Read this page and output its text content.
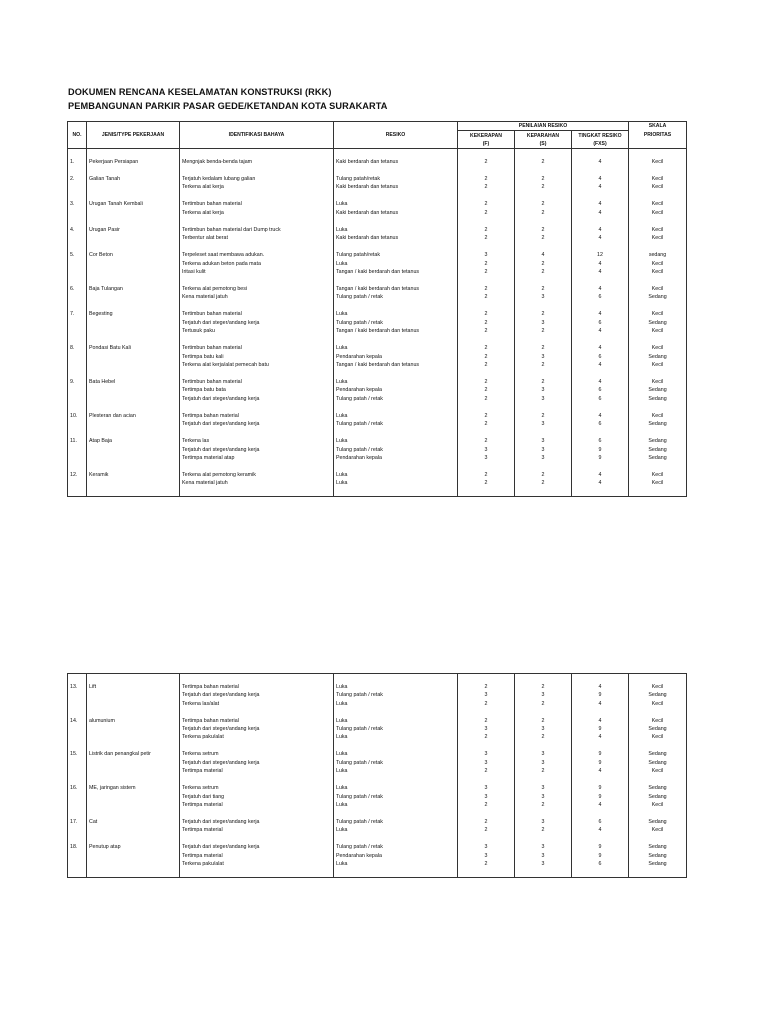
DOKUMEN RENCANA KESELAMATAN KONSTRUKSI (RKK)
PEMBANGUNAN PARKIR PASAR GEDE/KETANDAN KOTA SURAKARTA
NO.	JENIS/TYPE PEKERJAAN	IDENTIFIKASI BAHAYA	RESIKO	PENILAIAN RESIKO			SKALA
				KEKERAPAN	KEPARAHAN	TINGKAT RESIKO	PRIORITAS
				(F)	(S)	(FXS)	

1.	Pekerjaan Persiapan	Mengnjak benda-benda tajam	Kaki berdarah dan tetanus	2	2	4	Kecil

2.	Galian Tanah	Terjatuh kedalam lubang galian	Tulang patah/retak	2	2	4	Kecil
		Terkena alat kerja	Kaki berdarah dan tetanus	2	2	4	Kecil

3.	Urugan Tanah Kembali	Tertimbun bahan material	Luka	2	2	4	Kecil
		Terkena alat kerja	Kaki berdarah dan tetanus	2	2	4	Kecil

4.	Urugan Pasir	Tertimbun bahan material dari Dump truck	Luka	2	2	4	Kecil
		Terbentur alat berat	Kaki berdarah dan tetanus	2	2	4	Kecil

5.	Cor Beton	Terpeleset saat membawa adukan.	Tulang patah/retak	3	4	12	sedang
		Terkena adukan beton pada mata	Luka	2	2	4	Kecil
		Iritasi kulit	Tangan / kaki berdarah dan tetanus	2	2	4	Kecil

6.	Baja Tulangan	Terkena alat pemotong besi	Tangan / kaki berdarah dan tetanus	2	2	4	Kecil
		Kena material jatuh	Tulang patah / retak	2	3	6	Sedang

7.	Begesting	Tertimbun bahan material	Luka	2	2	4	Kecil
		Terjatuh dari steger/andang kerja	Tulang patah / retak	2	3	6	Sedang
		Tertusuk paku	Tangan / kaki berdarah dan tetanus	2	2	4	Kecil

8.	Pondasi Batu Kali	Tertimbun bahan material	Luka	2	2	4	Kecil
		Tertimpa batu kali	Pendarahan kepala	2	3	6	Sedang
		Terkena alat kerja/alat pemecah batu	Tangan / kaki berdarah dan tetanus	2	2	4	Kecil

9.	Bata Hebel	Tertimbun bahan material	Luka	2	2	4	Kecil
		Tertimpa batu bata	Pendarahan kepala	2	3	6	Sedang
		Terjatuh dari steger/andang kerja	Tulang patah / retak	2	3	6	Sedang

10.	Plesteran dan acian	Tertimpa bahan material	Luka	2	2	4	Kecil
		Terjatuh dari steger/andang kerja	Tulang patah / retak	2	3	6	Sedang

11.	Atap Baja	Terkena las	Luka	2	3	6	Sedang
		Terjatuh dari steger/andang kerja	Tulang patah / retak	3	3	9	Sedang
		Tertimpa material atap	Pendarahan kepala	3	3	9	Sedang

12.	Keramik	Terkena alat pemotong keramik	Luka	2	2	4	Kecil
		Kena material jatuh	Luka	2	2	4	Kecil

13.	Lift	Tertimpa bahan material	Luka	2	2	4	Kecil
		Terjatuh dari steger/andang kerja	Tulang patah / retak	3	3	9	Sedang
		Terkena las/alat	Luka	2	2	4	Kecil

14.	alumunium	Tertimpa bahan material	Luka	2	2	4	Kecil
		Terjatuh dari steger/andang kerja	Tulang patah / retak	3	3	9	Sedang
		Terkena paku/alat	Luka	2	2	4	Kecil

15.	Listrik dan penangkal petir	Terkena setrum	Luka	3	3	9	Sedang
		Terjatuh dari steger/andang kerja	Tulang patah / retak	3	3	9	Sedang
		Tertimpa material	Luka	2	2	4	Kecil

16.	ME, jaringan sistem	Terkena setrum	Luka	3	3	9	Sedang
		Terjatuh dari tiang	Tulang patah / retak	3	3	9	Sedang
		Tertimpa material	Luka	2	2	4	Kecil

17.	Cat	Terjatuh dari steger/andang kerja	Tulang patah / retak	2	3	6	Sedang
		Tertimpa material	Luka	2	2	4	Kecil

18.	Penutup atap	Terjatuh dari steger/andang kerja	Tulang patah / retak	3	3	9	Sedang
		Tertimpa material	Pendarahan kepala	3	3	9	Sedang
		Terkena paku/alat	Luka	2	3	6	Sedang
